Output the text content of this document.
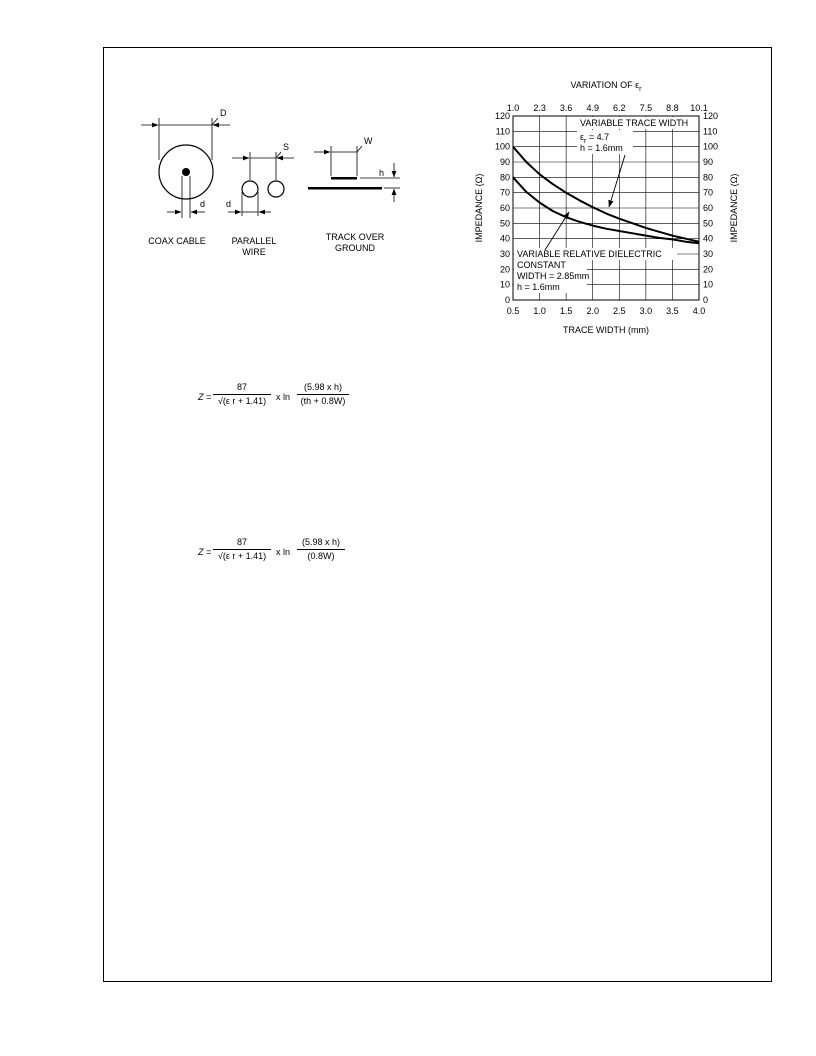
D
d
COAX CABLE
S
d
PARALLEL
WIRE
W
h
TRACK OVER
GROUND
0.5 1.0 1.5 2.0 2.5 3.0 3.5 4.0
1.0 2.3 3.6 4.9 6.2 7.5 8.8 10.1
0
10
20
30
40
50
60
70
80
90
100
110
120
0
10
20
30
40
50
60
70
80
90
100
110
120
VARIATION OF $\varepsilon_r$
TRACE WIDTH (mm)
IMPEDANCE (Ω)	IMPEDANCE (Ω)
VARIABLE TRACE WIDTH
$\varepsilon_r = 4.7$
h = 1.6mm
VARIABLE RELATIVE DIELECTRIC
CONSTANT
WIDTH = 2.85mm
h = 1.6mm
$Z = \frac{87}{\text{√(ε r + 1.41)}}$ x $\ln \frac{\text{(5.98 x h)}}{(th + 0.8W)}$
$Z = \frac{87}{\text{√(ε r + 1.41)}}$ x $\ln \frac{\text{(5.98 x h)}}{(0.8W)}$
